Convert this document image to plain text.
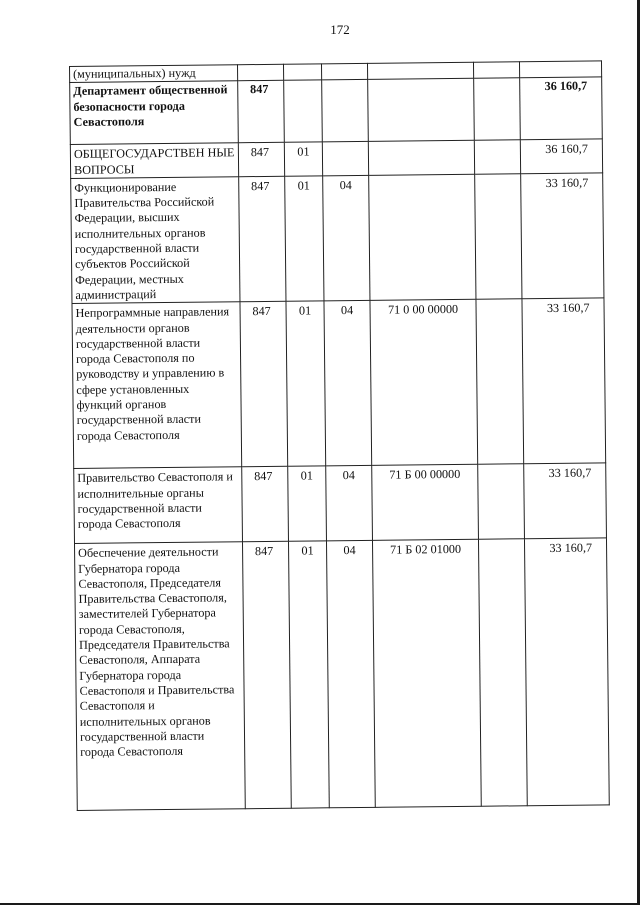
172
(муниципальных) нужд						
Департамент общественной безопасности города Севастополя	847					36 160,7
ОБЩЕГОСУДАРСТВЕН НЫЕ ВОПРОСЫ	847	01				36 160,7
Функционирование Правительства Российской Федерации, высших исполнительных органов государственной власти субъектов Российской Федерации, местных администраций	847	01	04			33 160,7
Непрограммные направления деятельности органов государственной власти города Севастополя по руководству и управлению в сфере установленных функций органов государственной власти города Севастополя	847	01	04	71 0 00 00000		33 160,7
Правительство Севастополя и исполнительные органы государственной власти города Севастополя	847	01	04	71 Б 00 00000		33 160,7
Обеспечение деятельности Губернатора города Севастополя, Председателя Правительства Севастополя, заместителей Губернатора города Севастополя, Председателя Правительства Севастополя, Аппарата Губернатора города Севастополя и Правительства Севастополя и исполнительных органов государственной власти города Севастополя	847	01	04	71 Б 02 01000		33 160,7
